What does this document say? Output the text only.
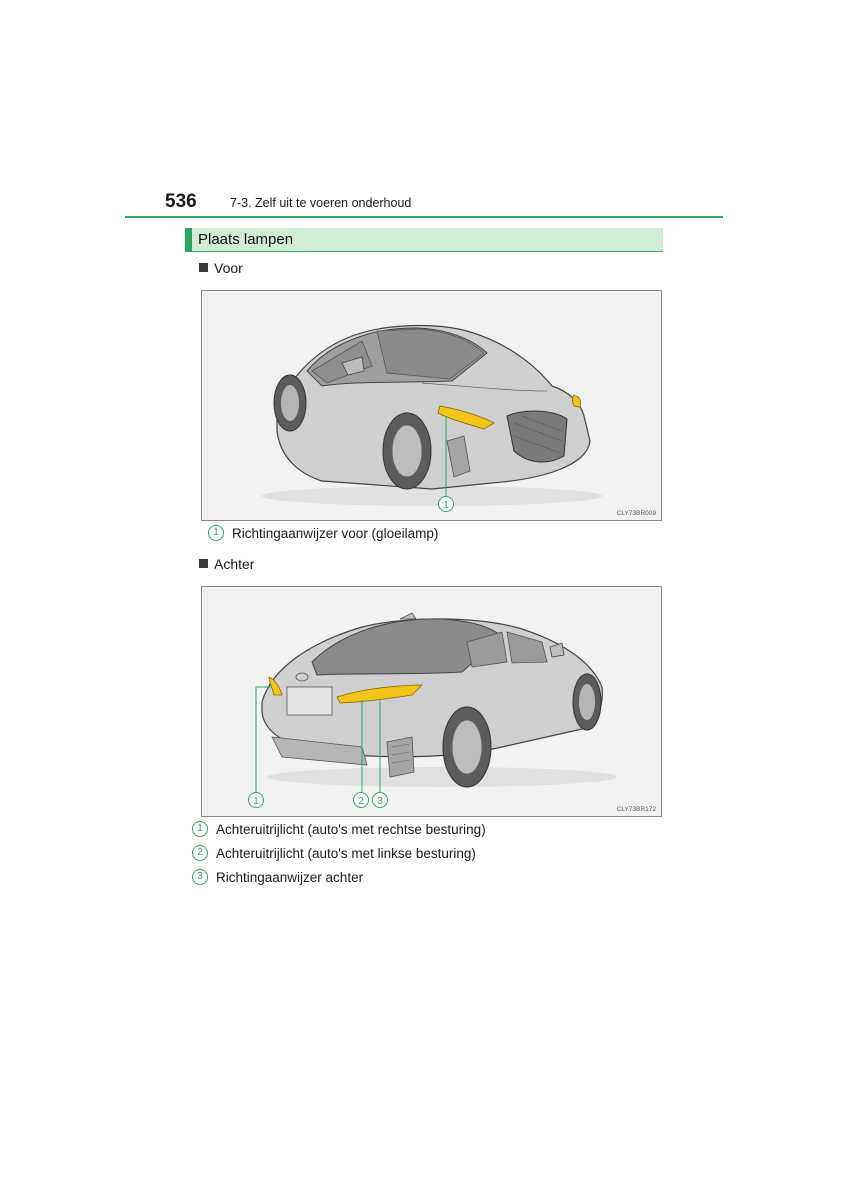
536	7-3. Zelf uit te voeren onderhoud
Plaats lampen
Voor
1
CLY73BR009
1 Richtingaanwijzer voor (gloeilamp)
Achter
1	2 3
CLY73BR172
1 Achteruitrijlicht (auto's met rechtse besturing)
2 Achteruitrijlicht (auto's met linkse besturing)
3 Richtingaanwijzer achter
